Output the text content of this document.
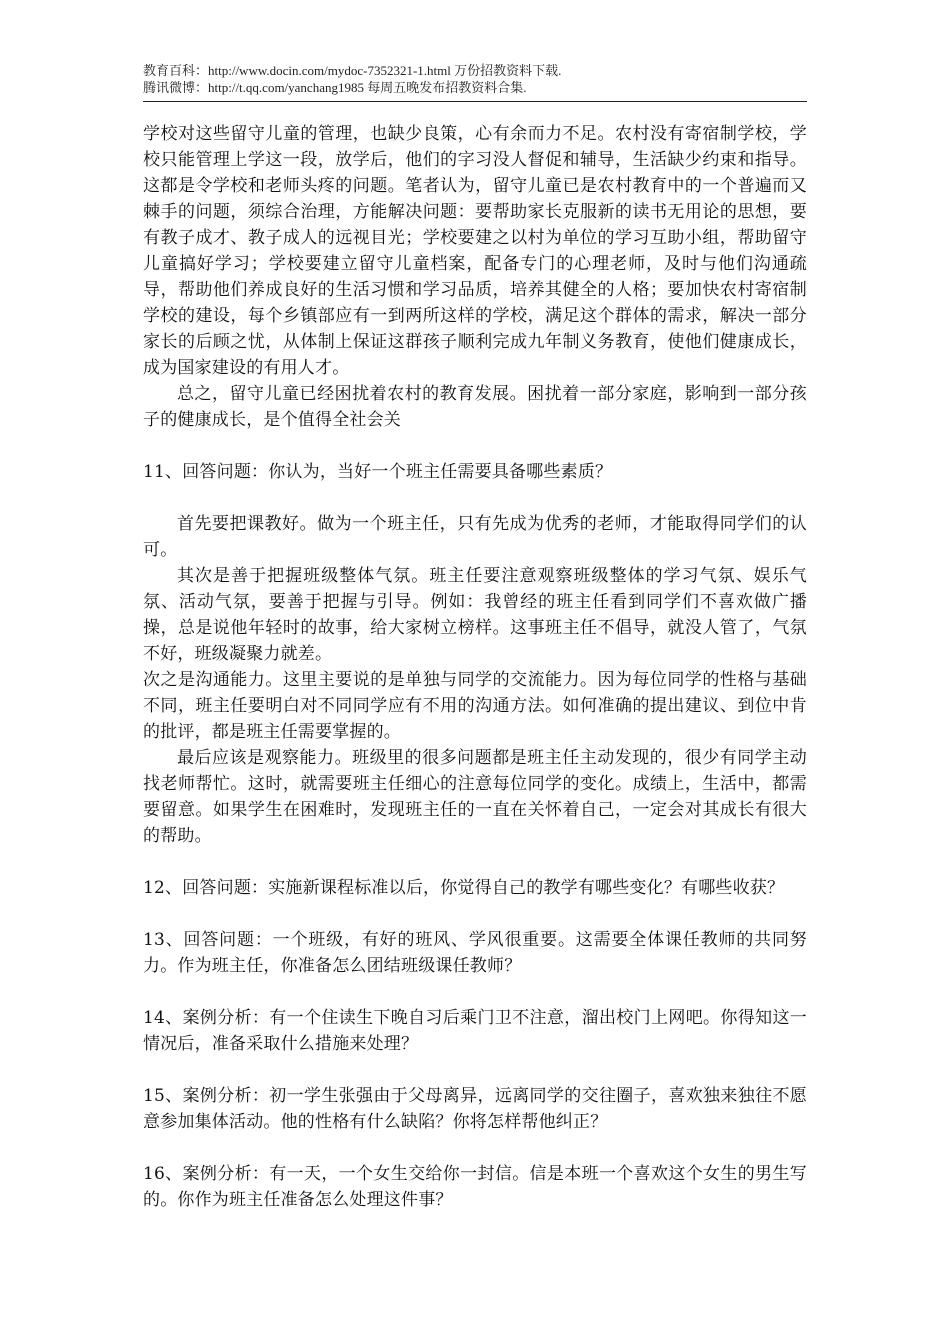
教育百科：http://www.docin.com/mydoc-7352321-1.html 万份招教资料下载.
腾讯微博：http://t.qq.com/yanchang1985 每周五晚发布招教资料合集.

学校对这些留守儿童的管理，也缺少良策，心有余而力不足。农村没有寄宿制学校，学校只能管理上学这一段，放学后，他们的字习没人督促和辅导，生活缺少约束和指导。这都是令学校和老师头疼的问题。笔者认为，留守儿童已是农村教育中的一个普遍而又棘手的问题，须综合治理，方能解决问题：要帮助家长克服新的读书无用论的思想，要有教子成才、教子成人的远视目光；学校要建之以村为单位的学习互助小组，帮助留守儿童搞好学习；学校要建立留守儿童档案，配备专门的心理老师，及时与他们沟通疏导，帮助他们养成良好的生活习惯和学习品质，培养其健全的人格；要加快农村寄宿制学校的建设，每个乡镇部应有一到两所这样的学校，满足这个群体的需求，解决一部分家长的后顾之忧，从体制上保证这群孩子顺利完成九年制义务教育，使他们健康成长，成为国家建设的有用人才。

总之，留守儿童已经困扰着农村的教育发展。困扰着一部分家庭，影响到一部分孩子的健康成长，是个值得全社会关

11、回答问题：你认为，当好一个班主任需要具备哪些素质？

首先要把课教好。做为一个班主任，只有先成为优秀的老师，才能取得同学们的认可。

其次是善于把握班级整体气氛。班主任要注意观察班级整体的学习气氛、娱乐气氛、活动气氛，要善于把握与引导。例如：我曾经的班主任看到同学们不喜欢做广播操，总是说他年轻时的故事，给大家树立榜样。这事班主任不倡导，就没人管了，气氛不好，班级凝聚力就差。

次之是沟通能力。这里主要说的是单独与同学的交流能力。因为每位同学的性格与基础不同，班主任要明白对不同同学应有不用的沟通方法。如何准确的提出建议、到位中肯的批评，都是班主任需要掌握的。

最后应该是观察能力。班级里的很多问题都是班主任主动发现的，很少有同学主动找老师帮忙。这时，就需要班主任细心的注意每位同学的变化。成绩上，生活中，都需要留意。如果学生在困难时，发现班主任的一直在关怀着自己，一定会对其成长有很大的帮助。

12、回答问题：实施新课程标准以后，你觉得自己的教学有哪些变化？有哪些收获？

13、回答问题：一个班级，有好的班风、学风很重要。这需要全体课任教师的共同努力。作为班主任，你准备怎么团结班级课任教师？

14、案例分析：有一个住读生下晚自习后乘门卫不注意，溜出校门上网吧。你得知这一情况后，准备采取什么措施来处理？

15、案例分析：初一学生张强由于父母离异，远离同学的交往圈子，喜欢独来独往不愿意参加集体活动。他的性格有什么缺陷？你将怎样帮他纠正？

16、案例分析：有一天，一个女生交给你一封信。信是本班一个喜欢这个女生的男生写的。你作为班主任准备怎么处理这件事？
